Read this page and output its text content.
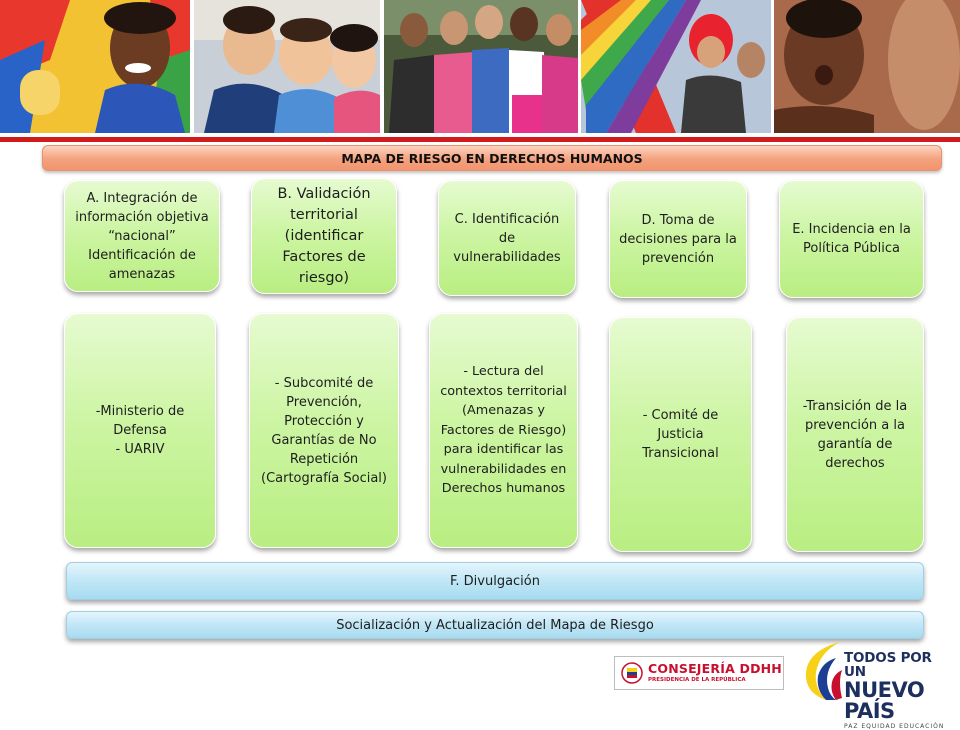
MAPA DE RIESGO EN DERECHOS HUMANOS
A. Integración de información objetiva “nacional” Identificación de amenazas
B. Validación territorial (identificar Factores de riesgo)
C. Identificación de vulnerabilidades
D. Toma de decisiones para la prevención
E. Incidencia en la Política Pública
-Ministerio de Defensa
- UARIV
- Subcomité de Prevención, Protección y Garantías de No Repetición (Cartografía Social)
- Lectura del contextos territorial (Amenazas y Factores de Riesgo) para identificar las vulnerabilidades en Derechos humanos
- Comité de Justicia Transicional
-Transición de la prevención a la garantía de derechos
F. Divulgación
Socialización y Actualización del Mapa de Riesgo
CONSEJERÍA DDHH
PRESIDENCIA DE LA REPÚBLICA
TODOS POR UN
NUEVO PAÍS
PAZ EQUIDAD EDUCACIÓN
